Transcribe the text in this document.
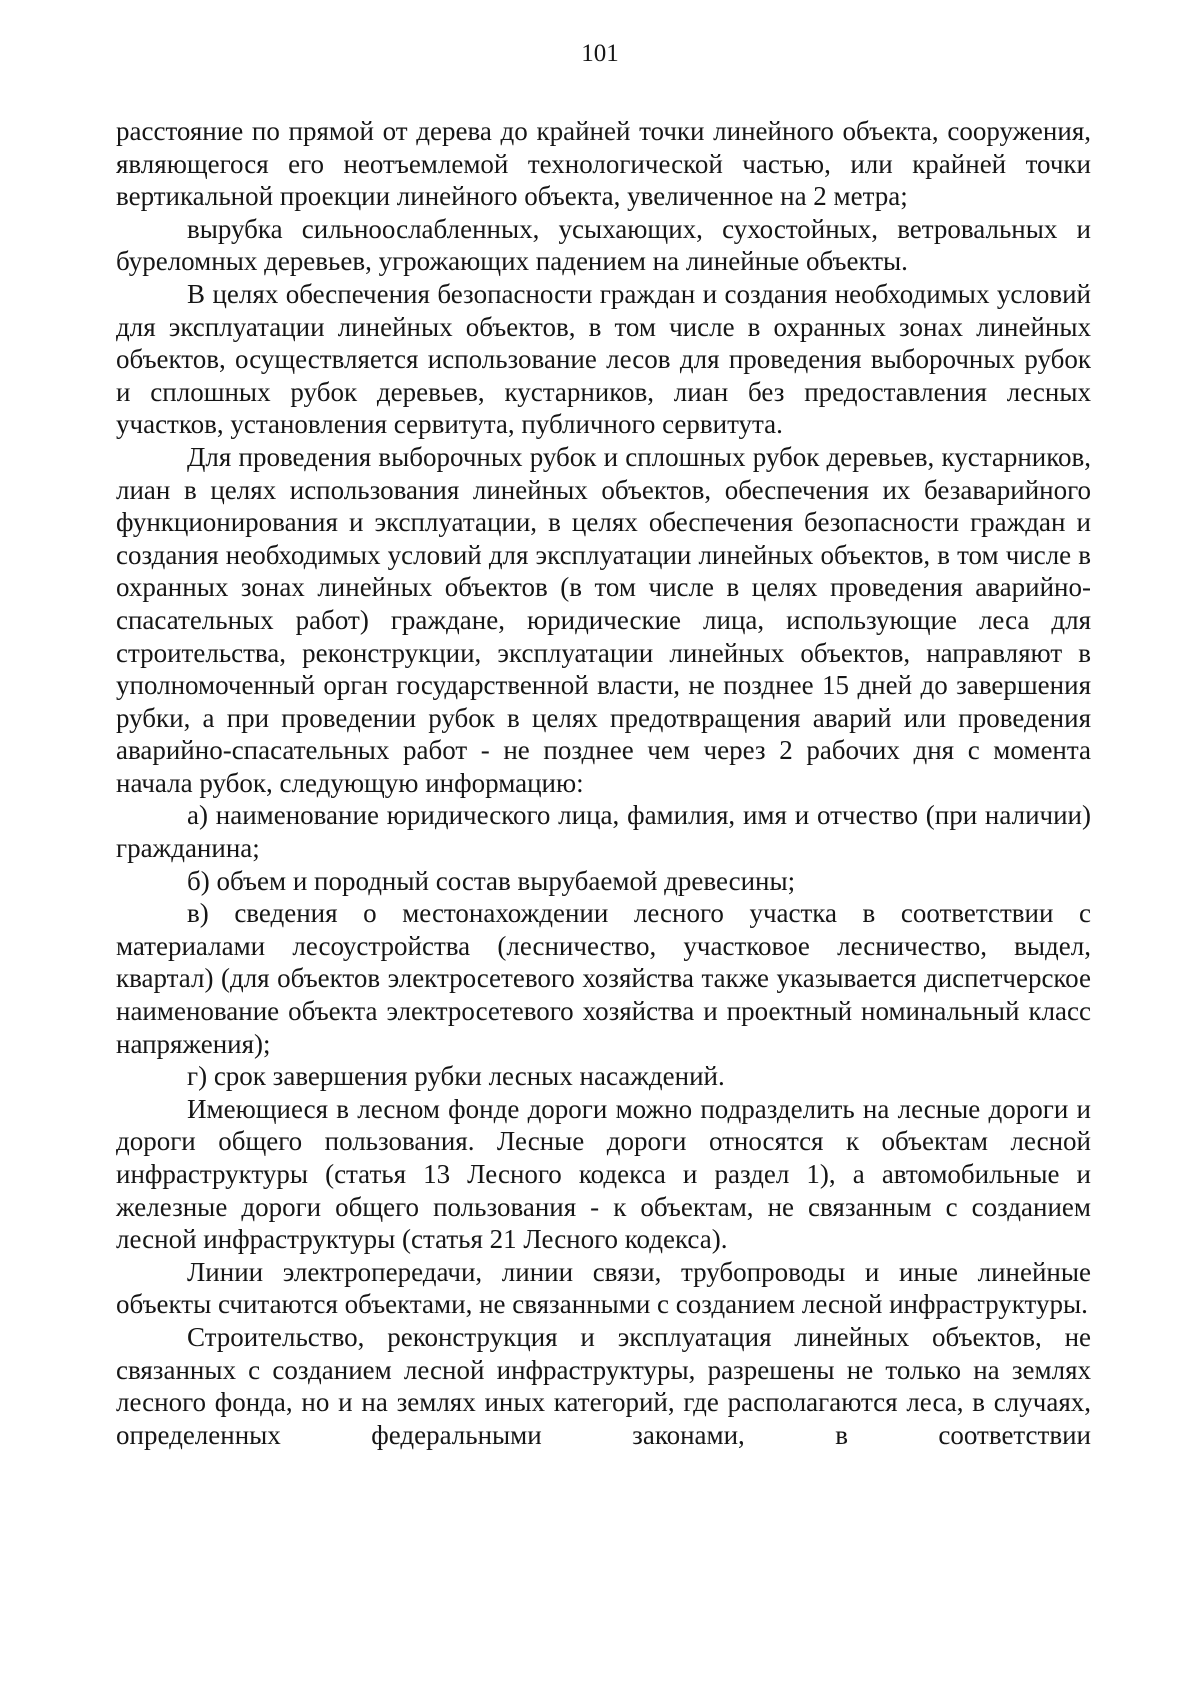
101

расстояние по прямой от дерева до крайней точки линейного объекта, сооружения, являющегося его неотъемлемой технологической частью, или крайней точки вертикальной проекции линейного объекта, увеличенное на 2 метра;

вырубка сильноослабленных, усыхающих, сухостойных, ветровальных и буреломных деревьев, угрожающих падением на линейные объекты.

В целях обеспечения безопасности граждан и создания необходимых условий для эксплуатации линейных объектов, в том числе в охранных зонах линейных объектов, осуществляется использование лесов для проведения выборочных рубок и сплошных рубок деревьев, кустарников, лиан без предоставления лесных участков, установления сервитута, публичного сервитута.

Для проведения выборочных рубок и сплошных рубок деревьев, кустарников, лиан в целях использования линейных объектов, обеспечения их безаварийного функционирования и эксплуатации, в целях обеспечения безопасности граждан и создания необходимых условий для эксплуатации линейных объектов, в том числе в охранных зонах линейных объектов (в том числе в целях проведения аварийно-спасательных работ) граждане, юридические лица, использующие леса для строительства, реконструкции, эксплуатации линейных объектов, направляют в уполномоченный орган государственной власти, не позднее 15 дней до завершения рубки, а при проведении рубок в целях предотвращения аварий или проведения аварийно-спасательных работ - не позднее чем через 2 рабочих дня с момента начала рубок, следующую информацию:

а) наименование юридического лица, фамилия, имя и отчество (при наличии) гражданина;

б) объем и породный состав вырубаемой древесины;

в) сведения о местонахождении лесного участка в соответствии с материалами лесоустройства (лесничество, участковое лесничество, выдел, квартал) (для объектов электросетевого хозяйства также указывается диспетчерское наименование объекта электросетевого хозяйства и проектный номинальный класс напряжения);

г) срок завершения рубки лесных насаждений.

Имеющиеся в лесном фонде дороги можно подразделить на лесные дороги и дороги общего пользования. Лесные дороги относятся к объектам лесной инфраструктуры (статья 13 Лесного кодекса и раздел 1), а автомобильные и железные дороги общего пользования - к объектам, не связанным с созданием лесной инфраструктуры (статья 21 Лесного кодекса).

Линии электропередачи, линии связи, трубопроводы и иные линейные объекты считаются объектами, не связанными с созданием лесной инфраструктуры.

Строительство, реконструкция и эксплуатация линейных объектов, не связанных с созданием лесной инфраструктуры, разрешены не только на землях лесного фонда, но и на землях иных категорий, где располагаются леса, в случаях, определенных федеральными законами, в соответствии
